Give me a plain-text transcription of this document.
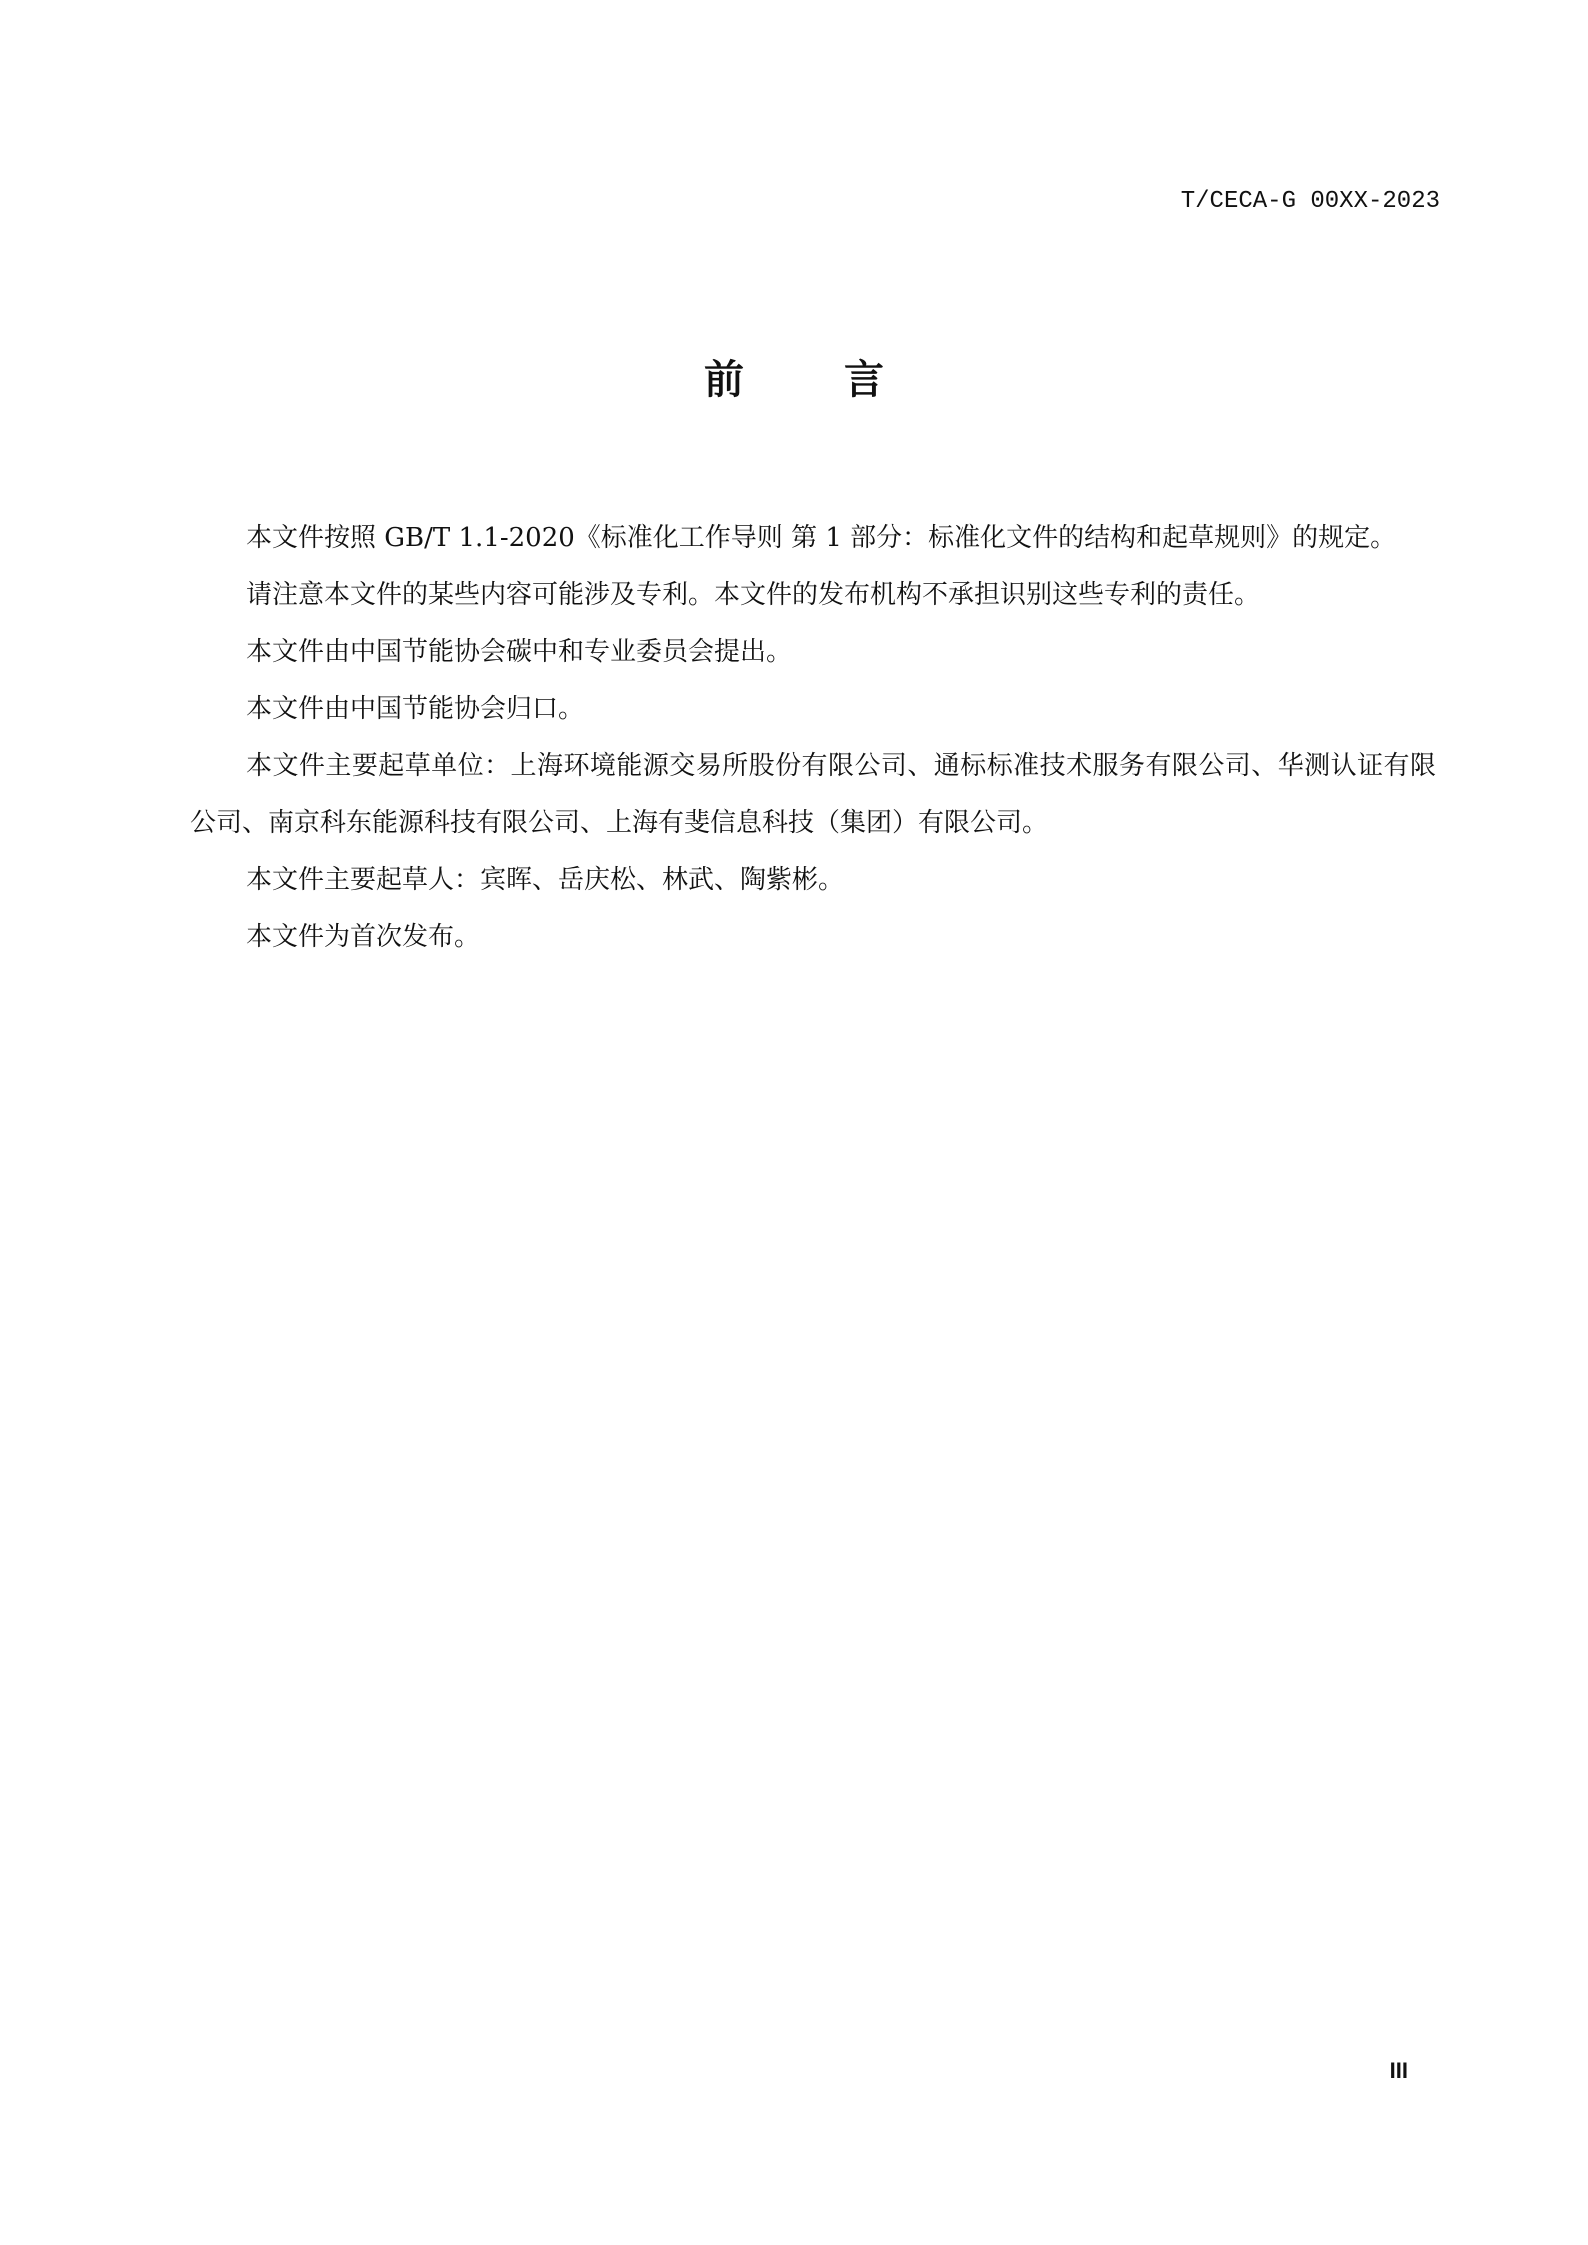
T/CECA-G 00XX-2023
前	言

本文件按照 GB/T 1.1-2020《标准化工作导则 第 1 部分：标准化文件的结构和起草规则》的规定。

请注意本文件的某些内容可能涉及专利。本文件的发布机构不承担识别这些专利的责任。

本文件由中国节能协会碳中和专业委员会提出。

本文件由中国节能协会归口。

本文件主要起草单位：上海环境能源交易所股份有限公司、通标标准技术服务有限公司、华测认证有限公司、南京科东能源科技有限公司、上海有斐信息科技（集团）有限公司。

本文件主要起草人：宾晖、岳庆松、林武、陶紫彬。

本文件为首次发布。

III
